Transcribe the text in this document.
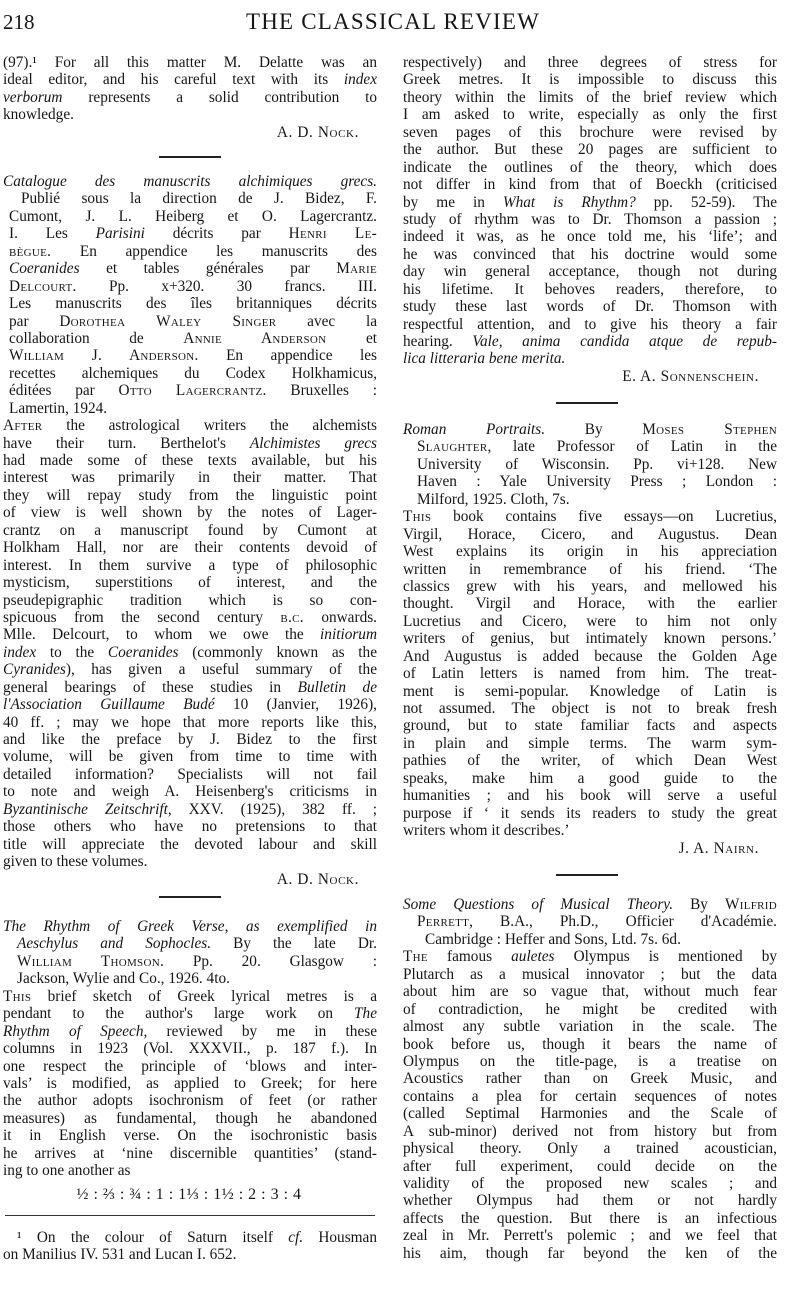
218	THE CLASSICAL REVIEW
(97).¹ For all this matter M. Delatte was an
ideal editor, and his careful text with its index
verborum represents a solid contribution to
knowledge.
A. D. Nock.
Catalogue des manuscrits alchimiques grecs.
Publié sous la direction de J. Bidez, F.
Cumont, J. L. Heiberg et O. Lagercrantz.
I. Les Parisini décrits par Henri Le-
bègue. En appendice les manuscrits des
Coeranides et tables générales par Marie
Delcourt. Pp. x+320. 30 francs. III.
Les manuscrits des îles britanniques décrits
par Dorothea Waley Singer avec la
collaboration de Annie Anderson et
William J. Anderson. En appendice les
recettes alchemiques du Codex Holkhamicus,
éditées par Otto Lagercrantz. Bruxelles :
Lamertin, 1924.
After the astrological writers the alchemists
have their turn. Berthelot's Alchimistes grecs
had made some of these texts available, but his
interest was primarily in their matter. That
they will repay study from the linguistic point
of view is well shown by the notes of Lager-
crantz on a manuscript found by Cumont at
Holkham Hall, nor are their contents devoid of
interest. In them survive a type of philosophic
mysticism, superstitions of interest, and the
pseudepigraphic tradition which is so con-
spicuous from the second century b.c. onwards.
Mlle. Delcourt, to whom we owe the initiorum
index to the Coeranides (commonly known as the
Cyranides), has given a useful summary of the
general bearings of these studies in Bulletin de
l'Association Guillaume Budé 10 (Janvier, 1926),
40 ff. ; may we hope that more reports like this,
and like the preface by J. Bidez to the first
volume, will be given from time to time with
detailed information? Specialists will not fail
to note and weigh A. Heisenberg's criticisms in
Byzantinische Zeitschrift, XXV. (1925), 382 ff. ;
those others who have no pretensions to that
title will appreciate the devoted labour and skill
given to these volumes.
A. D. Nock.
The Rhythm of Greek Verse, as exemplified in
Aeschylus and Sophocles. By the late Dr.
William Thomson. Pp. 20. Glasgow :
Jackson, Wylie and Co., 1926. 4to.
This brief sketch of Greek lyrical metres is a
pendant to the author's large work on The
Rhythm of Speech, reviewed by me in these
columns in 1923 (Vol. XXXVII., p. 187 f.). In
one respect the principle of ‘blows and inter-
vals’ is modified, as applied to Greek; for here
the author adopts isochronism of feet (or rather
measures) as fundamental, though he abandoned
it in English verse. On the isochronistic basis
he arrives at ‘nine discernible quantities’ (stand-
ing to one another as
½ : ⅔ : ¾ : 1 : 1⅓ : 1½ : 2 : 3 : 4
¹ On the colour of Saturn itself cf. Housman
on Manilius IV. 531 and Lucan I. 652.
respectively) and three degrees of stress for
Greek metres. It is impossible to discuss this
theory within the limits of the brief review which
I am asked to write, especially as only the first
seven pages of this brochure were revised by
the author. But these 20 pages are sufficient to
indicate the outlines of the theory, which does
not differ in kind from that of Boeckh (criticised
by me in What is Rhythm? pp. 52-59). The
study of rhythm was to Dr. Thomson a passion ;
indeed it was, as he once told me, his ‘life’; and
he was convinced that his doctrine would some
day win general acceptance, though not during
his lifetime. It behoves readers, therefore, to
study these last words of Dr. Thomson with
respectful attention, and to give his theory a fair
hearing. Vale, anima candida atque de repub-
lica litteraria bene merita.
E. A. Sonnenschein.
Roman Portraits. By Moses Stephen
Slaughter, late Professor of Latin in the
University of Wisconsin. Pp. vi+128. New
Haven : Yale University Press ; London :
Milford, 1925. Cloth, 7s.
This book contains five essays—on Lucretius,
Virgil, Horace, Cicero, and Augustus. Dean
West explains its origin in his appreciation
written in remembrance of his friend. ‘The
classics grew with his years, and mellowed his
thought. Virgil and Horace, with the earlier
Lucretius and Cicero, were to him not only
writers of genius, but intimately known persons.’
And Augustus is added because the Golden Age
of Latin letters is named from him. The treat-
ment is semi-popular. Knowledge of Latin is
not assumed. The object is not to break fresh
ground, but to state familiar facts and aspects
in plain and simple terms. The warm sym-
pathies of the writer, of which Dean West
speaks, make him a good guide to the
humanities ; and his book will serve a useful
purpose if ‘ it sends its readers to study the great
writers whom it describes.’
J. A. Nairn.
Some Questions of Musical Theory. By Wilfrid
Perrett, B.A., Ph.D., Officier d'Académie.
Cambridge : Heffer and Sons, Ltd. 7s. 6d.
The famous auletes Olympus is mentioned by
Plutarch as a musical innovator ; but the data
about him are so vague that, without much fear
of contradiction, he might be credited with
almost any subtle variation in the scale. The
book before us, though it bears the name of
Olympus on the title-page, is a treatise on
Acoustics rather than on Greek Music, and
contains a plea for certain sequences of notes
(called Septimal Harmonies and the Scale of
A sub-minor) derived not from history but from
physical theory. Only a trained acoustician,
after full experiment, could decide on the
validity of the proposed new scales ; and
whether Olympus had them or not hardly
affects the question. But there is an infectious
zeal in Mr. Perrett's polemic ; and we feel that
his aim, though far beyond the ken of the
